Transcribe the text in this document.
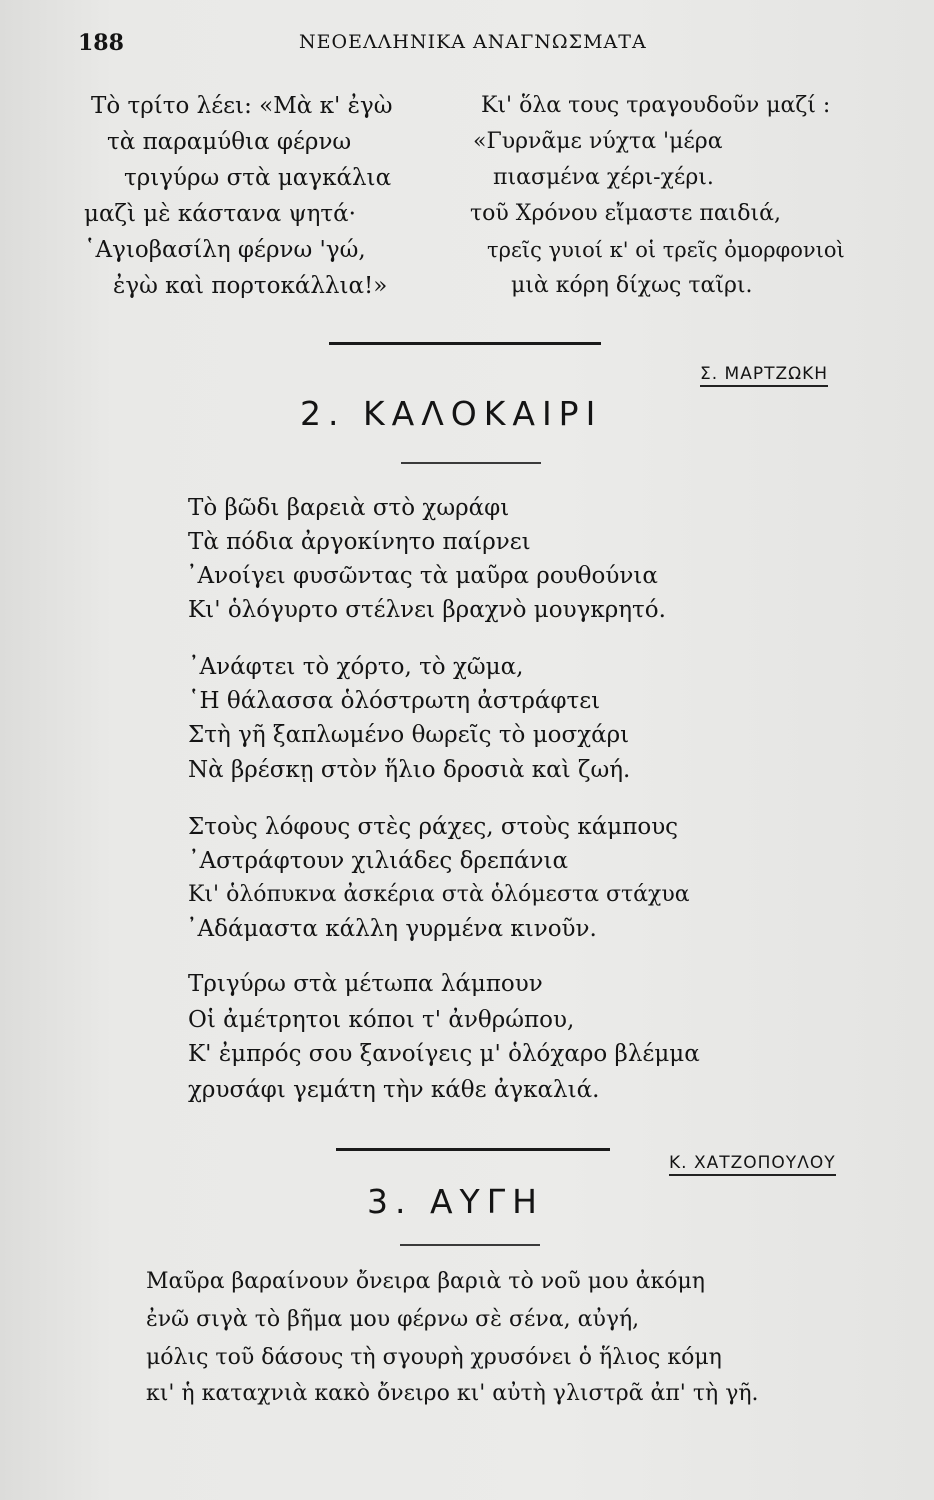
188	ΝΕΟΕΛΛΗΝΙΚΑ ΑΝΑΓΝΩΣΜΑΤΑ
Τὸ τρίτο λέει: «Μὰ κ' ἐγὼ
τὰ παραμύθια φέρνω
τριγύρω στὰ μαγκάλια
μαζὶ μὲ κάστανα ψητά·
῾Αγιοβασίλη φέρνω 'γώ,
ἐγὼ καὶ πορτοκάλλια!»
Κι' ὅλα τους τραγουδοῦν μαζί :
«Γυρνᾶμε νύχτα 'μέρα
πιασμένα χέρι-χέρι.
τοῦ Χρόνου εἴμαστε παιδιά,
τρεῖς γυιοί κ' οἱ τρεῖς ὀμορφονιοὶ
μιὰ κόρη δίχως ταῖρι.
Σ. ΜΑΡΤΖΩΚΗ
2. ΚΑΛΟΚΑΙΡΙ
Τὸ βῶδι βαρειὰ στὸ χωράφι
Τὰ πόδια ἀργοκίνητο παίρνει
᾿Ανοίγει φυσῶντας τὰ μαῦρα ρουθούνια
Κι' ὁλόγυρτο στέλνει βραχνὸ μουγκρητό.
᾿Ανάφτει τὸ χόρτο, τὸ χῶμα,
῾Η θάλασσα ὁλόστρωτη ἀστράφτει
Στὴ γῆ ξαπλωμένο θωρεῖς τὸ μοσχάρι
Νὰ βρέσκῃ στὸν ἥλιο δροσιὰ καὶ ζωή.
Στοὺς λόφους στὲς ράχες, στοὺς κάμπους
᾿Αστράφτουν χιλιάδες δρεπάνια
Κι' ὁλόπυκνα ἀσκέρια στὰ ὁλόμεστα στάχυα
᾿Αδάμαστα κάλλη γυρμένα κινοῦν.
Τριγύρω στὰ μέτωπα λάμπουν
Οἱ ἀμέτρητοι κόποι τ' ἀνθρώπου,
Κ' ἐμπρός σου ξανοίγεις μ' ὁλόχαρο βλέμμα
χρυσάφι γεμάτη τὴν κάθε ἀγκαλιά.
Κ. ΧΑΤΖΟΠΟΥΛΟΥ
3. ΑΥΓΗ
Μαῦρα βαραίνουν ὄνειρα βαριὰ τὸ νοῦ μου ἀκόμη
ἐνῶ σιγὰ τὸ βῆμα μου φέρνω σὲ σένα, αὐγή,
μόλις τοῦ δάσους τὴ σγουρὴ χρυσόνει ὁ ἥλιος κόμη
κι' ἡ καταχνιὰ κακὸ ὄνειρο κι' αὐτὴ γλιστρᾶ ἀπ' τὴ γῆ.
